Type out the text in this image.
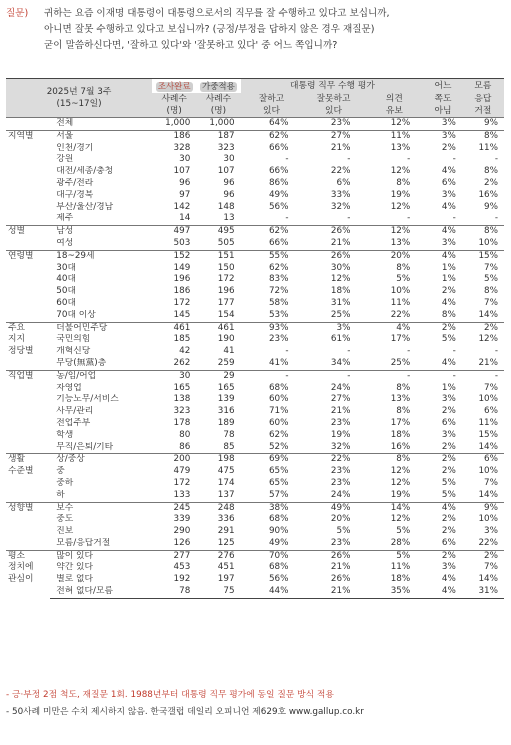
질문) 귀하는 요즘 이재명 대통령이 대통령으로서의 직무를 잘 수행하고 있다고 보십니까,
아니면 잘못 수행하고 있다고 보십니까? (긍정/부정을 답하지 않은 경우 재질문)
굳이 말씀하신다면, '잘하고 있다'와 '잘못하고 있다' 중 어느 쪽입니까?
2025년 7월 3주
(15~17일)		조사완료	가중적용	대통령 직무 수행 평가			어느	모름
		사례수	사례수	잘하고	잘못하고	의견	쪽도	응답
		(명)	(명)	있다	있다	유보	아님	거절
	전체	1,000	1,000	64%	23%	12%	3%	9%

지역별	서울	186	187	62%	27%	11%	3%	8%
	인천/경기	328	323	66%	21%	13%	2%	11%
	강원	30	30	-	-	-	-	-
	대전/세종/충청	107	107	66%	22%	12%	4%	8%
	광주/전라	96	96	86%	6%	8%	6%	2%
	대구/경북	97	96	49%	33%	19%	3%	16%
	부산/울산/경남	142	148	56%	32%	12%	4%	9%
	제주	14	13	-	-	-	-	-

성별	남성	497	495	62%	26%	12%	4%	8%
	여성	503	505	66%	21%	13%	3%	10%

연령별	18~29세	152	151	55%	26%	20%	4%	15%
	30대	149	150	62%	30%	8%	1%	7%
	40대	196	172	83%	12%	5%	1%	5%
	50대	186	196	72%	18%	10%	2%	8%
	60대	172	177	58%	31%	11%	4%	7%
	70대 이상	145	154	53%	25%	22%	8%	14%

주요
지지
정당별	더불어민주당	461	461	93%	3%	4%	2%	2%
	국민의힘	185	190	23%	61%	17%	5%	12%
	개혁신당	42	41	-	-	-	-	-
	무당(無黨)층	262	259	41%	34%	25%	4%	21%

직업별	농/임/어업	30	29	-	-	-	-	-
	자영업	165	165	68%	24%	8%	1%	7%
	기능노무/서비스	138	139	60%	27%	13%	3%	10%
	사무/관리	323	316	71%	21%	8%	2%	6%
	전업주부	178	189	60%	23%	17%	6%	11%
	학생	80	78	62%	19%	18%	3%	15%
	무직/은퇴/기타	86	85	52%	32%	16%	2%	14%

생활
수준별	상/중상	200	198	69%	22%	8%	2%	6%
	중	479	475	65%	23%	12%	2%	10%
	중하	172	174	65%	23%	12%	5%	7%
	하	133	137	57%	24%	19%	5%	14%

성향별	보수	245	248	38%	49%	14%	4%	9%
	중도	339	336	68%	20%	12%	2%	10%
	진보	290	291	90%	5%	5%	2%	3%
	모름/응답거절	126	125	49%	23%	28%	6%	22%

평소
정치에
관심이	많이 있다	277	276	70%	26%	5%	2%	2%
	약간 있다	453	451	68%	21%	11%	3%	7%
	별로 없다	192	197	56%	26%	18%	4%	14%
	전혀 없다/모름	78	75	44%	21%	35%	4%	31%
- 긍·부정 2점 척도, 재질문 1회. 1988년부터 대통령 직무 평가에 동일 질문 방식 적용
- 50사례 미만은 수치 제시하지 않음. 한국갤럽 데일리 오피니언 제629호 www.gallup.co.kr
